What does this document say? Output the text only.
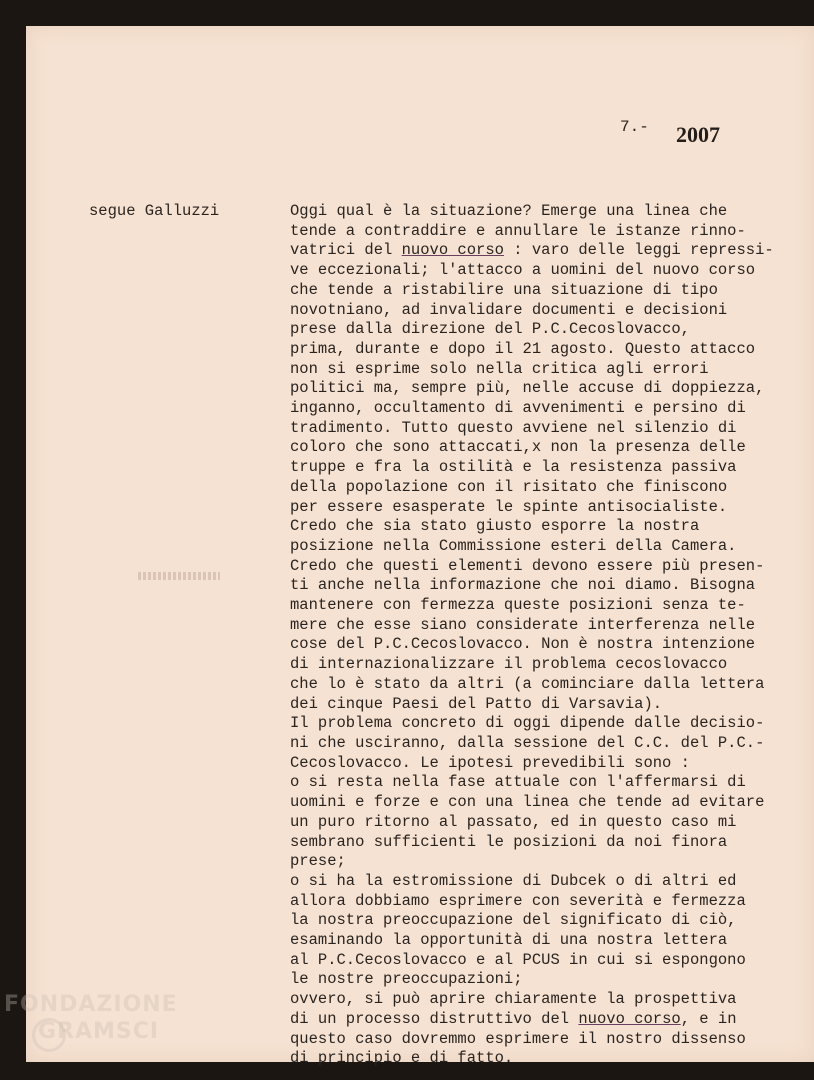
7.- 2007
segue Galluzzi	Oggi qual è la situazione? Emerge una linea che
tende a contraddire e annullare le istanze rinno-
vatrici del nuovo corso : varo delle leggi repressi-
ve eccezionali; l'attacco a uomini del nuovo corso
che tende a ristabilire una situazione di tipo
novotniano, ad invalidare documenti e decisioni
prese dalla direzione del P.C.Cecoslovacco,
prima, durante e dopo il 21 agosto. Questo attacco
non si esprime solo nella critica agli errori
politici ma, sempre più, nelle accuse di doppiezza,
inganno, occultamento di avvenimenti e persino di
tradimento. Tutto questo avviene nel silenzio di
coloro che sono attaccati,x non la presenza delle
truppe e fra la ostilità e la resistenza passiva
della popolazione con il risitato che finiscono
per essere esasperate le spinte antisocialiste.
Credo che sia stato giusto esporre la nostra
posizione nella Commissione esteri della Camera.
Credo che questi elementi devono essere più presen-
ti anche nella informazione che noi diamo. Bisogna
mantenere con fermezza queste posizioni senza te-
mere che esse siano considerate interferenza nelle
cose del P.C.Cecoslovacco. Non è nostra intenzione
di internazionalizzare il problema cecoslovacco
che lo è stato da altri (a cominciare dalla lettera
dei cinque Paesi del Patto di Varsavia).
Il problema concreto di oggi dipende dalle decisio-
ni che usciranno, dalla sessione del C.C. del P.C.-
Cecoslovacco. Le ipotesi prevedibili sono :
o si resta nella fase attuale con l'affermarsi di
uomini e forze e con una linea che tende ad evitare
un puro ritorno al passato, ed in questo caso mi
sembrano sufficienti le posizioni da noi finora
prese;
o si ha la estromissione di Dubcek o di altri ed
allora dobbiamo esprimere con severità e fermezza
la nostra preoccupazione del significato di ciò,
esaminando la opportunità di una nostra lettera
al P.C.Cecoslovacco e al PCUS in cui si espongono
le nostre preoccupazioni;
ovvero, si può aprire chiaramente la prospettiva
di un processo distruttivo del nuovo corso, e in
questo caso dovremmo esprimere il nostro dissenso
di principio e di fatto.
FONDAZIONE
GRAMSCI
